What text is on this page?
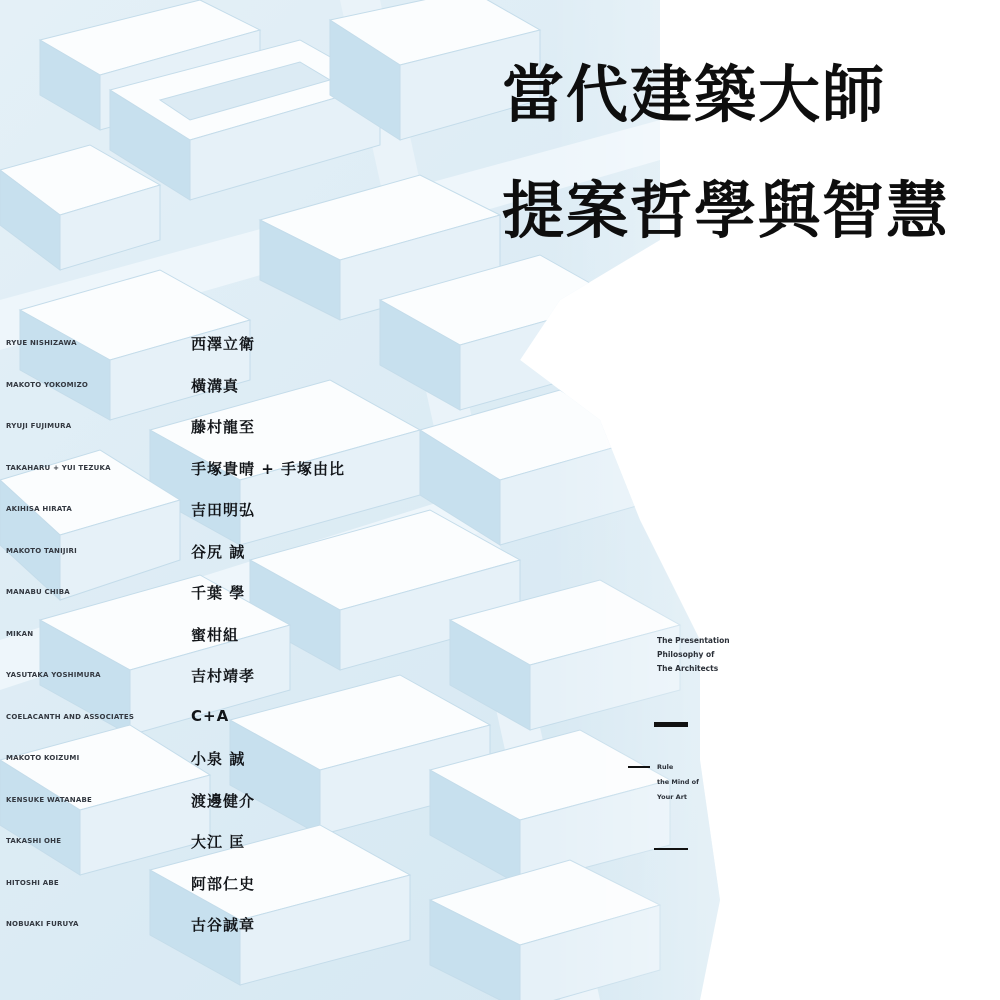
當代建築大師
提案哲學與智慧
RYUE NISHIZAWA	西澤立衛
MAKOTO YOKOMIZO	橫溝真
RYUJI FUJIMURA	藤村龍至
TAKAHARU + YUI TEZUKA	手塚貴晴 + 手塚由比
AKIHISA HIRATA	吉田明弘
MAKOTO TANIJIRI	谷尻 誠
MANABU CHIBA	千葉 學
MIKAN	蜜柑組
YASUTAKA YOSHIMURA	吉村靖孝
COELACANTH AND ASSOCIATES	C+A
MAKOTO KOIZUMI	小泉 誠
KENSUKE WATANABE	渡邊健介
TAKASHI OHE	大江 匡
HITOSHI ABE	阿部仁史
NOBUAKI FURUYA	古谷誠章

The Presentation
Philosophy of
The Architects

Rule
the Mind of
Your Art
